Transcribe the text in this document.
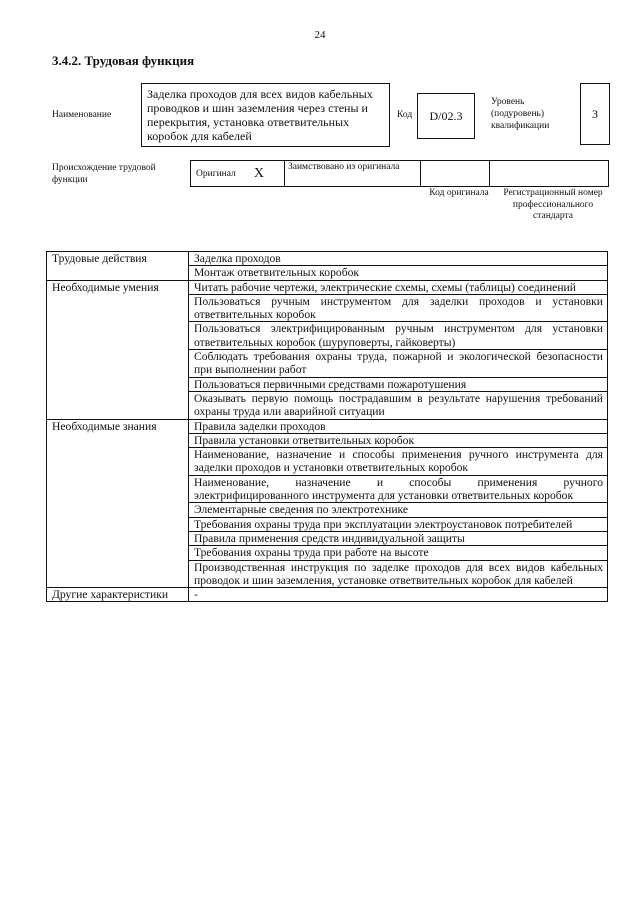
24
3.4.2. Трудовая функция
Наименование
Заделка проходов для всех видов кабельных проводков и шин заземления через стены и перекрытия, установка ответвительных коробок для кабелей
Код D/02.3
Уровень (подуровень) квалификации
3
Происхождение трудовой функции
Оригинал X	Заимствовано из оригинала
Код оригинала	Регистрационный номер профессионального стандарта
Трудовые действия	Заделка проходов
	Монтаж ответвительных коробок
Необходимые умения	Читать рабочие чертежи, электрические схемы, схемы (таблицы) соединений
	Пользоваться ручным инструментом для заделки проходов и установки ответвительных коробок
	Пользоваться электрифицированным ручным инструментом для установки ответвительных коробок (шуруповерты, гайковерты)
	Соблюдать требования охраны труда, пожарной и экологической безопасности при выполнении работ
	Пользоваться первичными средствами пожаротушения
	Оказывать первую помощь пострадавшим в результате нарушения требований охраны труда или аварийной ситуации
Необходимые знания	Правила заделки проходов
	Правила установки ответвительных коробок
	Наименование, назначение и способы применения ручного инструмента для заделки проходов и установки ответвительных коробок
	Наименование, назначение и способы применения ручного электрифицированного инструмента для установки ответвительных коробок
	Элементарные сведения по электротехнике
	Требования охраны труда при эксплуатации электроустановок потребителей
	Правила применения средств индивидуальной защиты
	Требования охраны труда при работе на высоте
	Производственная инструкция по заделке проходов для всех видов кабельных проводок и шин заземления, установке ответвительных коробок для кабелей
Другие характеристики	-
